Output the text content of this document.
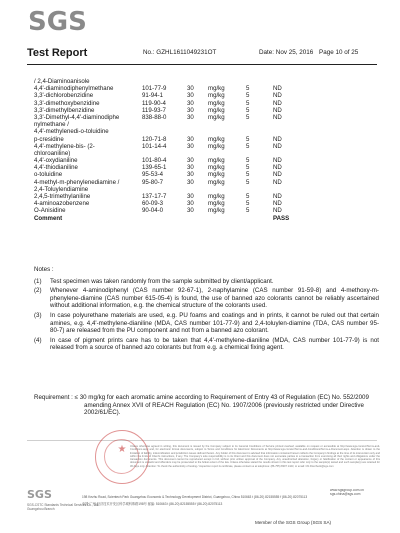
SGS
Test Report	No.: GZHL1611049231OT	Date: Nov 25, 2016 Page 10 of 25
/ 2,4-Diaminoanisole
4,4'-diaminodiphenylmethane	101-77-9	30 mg/kg	5	ND
3,3'-dichlorobenzidine	91-94-1	30 mg/kg	5	ND
3,3'-dimethoxybenzidine	119-90-4	30 mg/kg	5	ND
3,3'-dimethylbenzidine	119-93-7	30 mg/kg	5	ND
3,3'-Dimethyl-4,4'-diaminodiphe nylmethane /
838-88-0	30 mg/kg	5	ND
4,4'-methylenedi-o-toluidine
p-cresidine	120-71-8	30 mg/kg	5	ND
4,4'-methylene-bis- (2-chloroaniline)
101-14-4	30 mg/kg	5	ND
4,4'-oxydianiline	101-80-4	30 mg/kg	5	ND
4,4'-thiodianiline	139-65-1	30 mg/kg	5	ND
o-toluidine	95-53-4	30 mg/kg	5	ND
4-methyl-m-phenylenediamine /	95-80-7	30 mg/kg	5	ND
2,4-Toluylendiamine
2,4,5-trimethylaniline	137-17-7	30 mg/kg	5	ND
4-aminoazobenzene	60-09-3	30 mg/kg	5	ND
O-Anisidine	90-04-0	30 mg/kg	5	ND
Comment	PASS
Notes :
(1) Test specimen was taken randomly from the sample submitted by client/applicant.
(2) Whenever 4-aminodiphenyl (CAS number 92-67-1), 2-naphylamine (CAS number 91-59-8) and 4-methoxy-m-phenylene-diamine (CAS number 615-05-4) is found, the use of banned azo colorants cannot be reliably ascertained without additional information, e.g. the chemical structure of the colorants used.
(3) In case polyurethane materials are used, e.g. PU foams and coatings and in prints, it cannot be ruled out that certain amines, e.g. 4,4'-methylene-dianiline (MDA, CAS number 101-77-9) and 2,4-toluylen-diamine (TDA, CAS number 95-80-7) are released from the PU component and not from a banned azo colorant.
(4) In case of pigment prints care has to be taken that 4,4'-methylene-dianiline (MDA, CAS number 101-77-9) is not released from a source of banned azo colorants but from e.g. a chemical fixing agent.
Requirement : ≤ 30 mg/kg for each aromatic amine according to Requirement of Entry 43 of Regulation (EC) No. 552/2009 amending Annex XVII of REACH Regulation (EC) No. 1907/2006 (previously restricted under Directive 2002/61/EC).
★	Unless otherwise agreed in writing, this document is issued by the Company subject to its General Conditions of Service printed overleaf, available on request or accessible at http://www.sgs.com/en/Terms-and-Conditions.aspx and, for electronic format documents, subject to Terms and Conditions for Electronic Documents at http://www.sgs.com/en/Terms-and-Conditions/Terms-e-Document.aspx. Attention is drawn to the limitation of liability, indemnification and jurisdiction issues defined therein. Any holder of this document is advised that information contained hereon reflects the Company's findings at the time of its intervention only and within the limits of Client's instructions, if any. The Company's sole responsibility is to its Client and this document does not exonerate parties to a transaction from exercising all their rights and obligations under the transaction documents. This document cannot be reproduced except in full, without prior written approval of the Company. Any unauthorized alteration, forgery or falsification of the content or appearance of this document is unlawful and offenders may be prosecuted to the fullest extent of the law. Unless otherwise stated the results shown in this test report refer only to the sample(s) tested and such sample(s) are retained for 30 days only. Attention: To check the authenticity of testing / inspection report & certificate, please contact us at telephone: (86-755) 8307 1443, or email: CN.Doccheck@sgs.com
SGS
SGS-CSTC Standards Technical Services Co., Ltd.
Guangzhou Branch
198 Kezhu Road, Scientech Park Guangzhou Economic & Technology Development District, Guangzhou, China 510663 t (86-20) 82155555 f (86-20) 82075113
中国·广州·经济技术开发区科学城科珠路198号 邮编: 510663 t (86-20) 82155555 f (86-20) 82075113
www.sgsgroup.com.cn
sgs.china@sgs.com
Member of the SGS Group (SGS SA)
